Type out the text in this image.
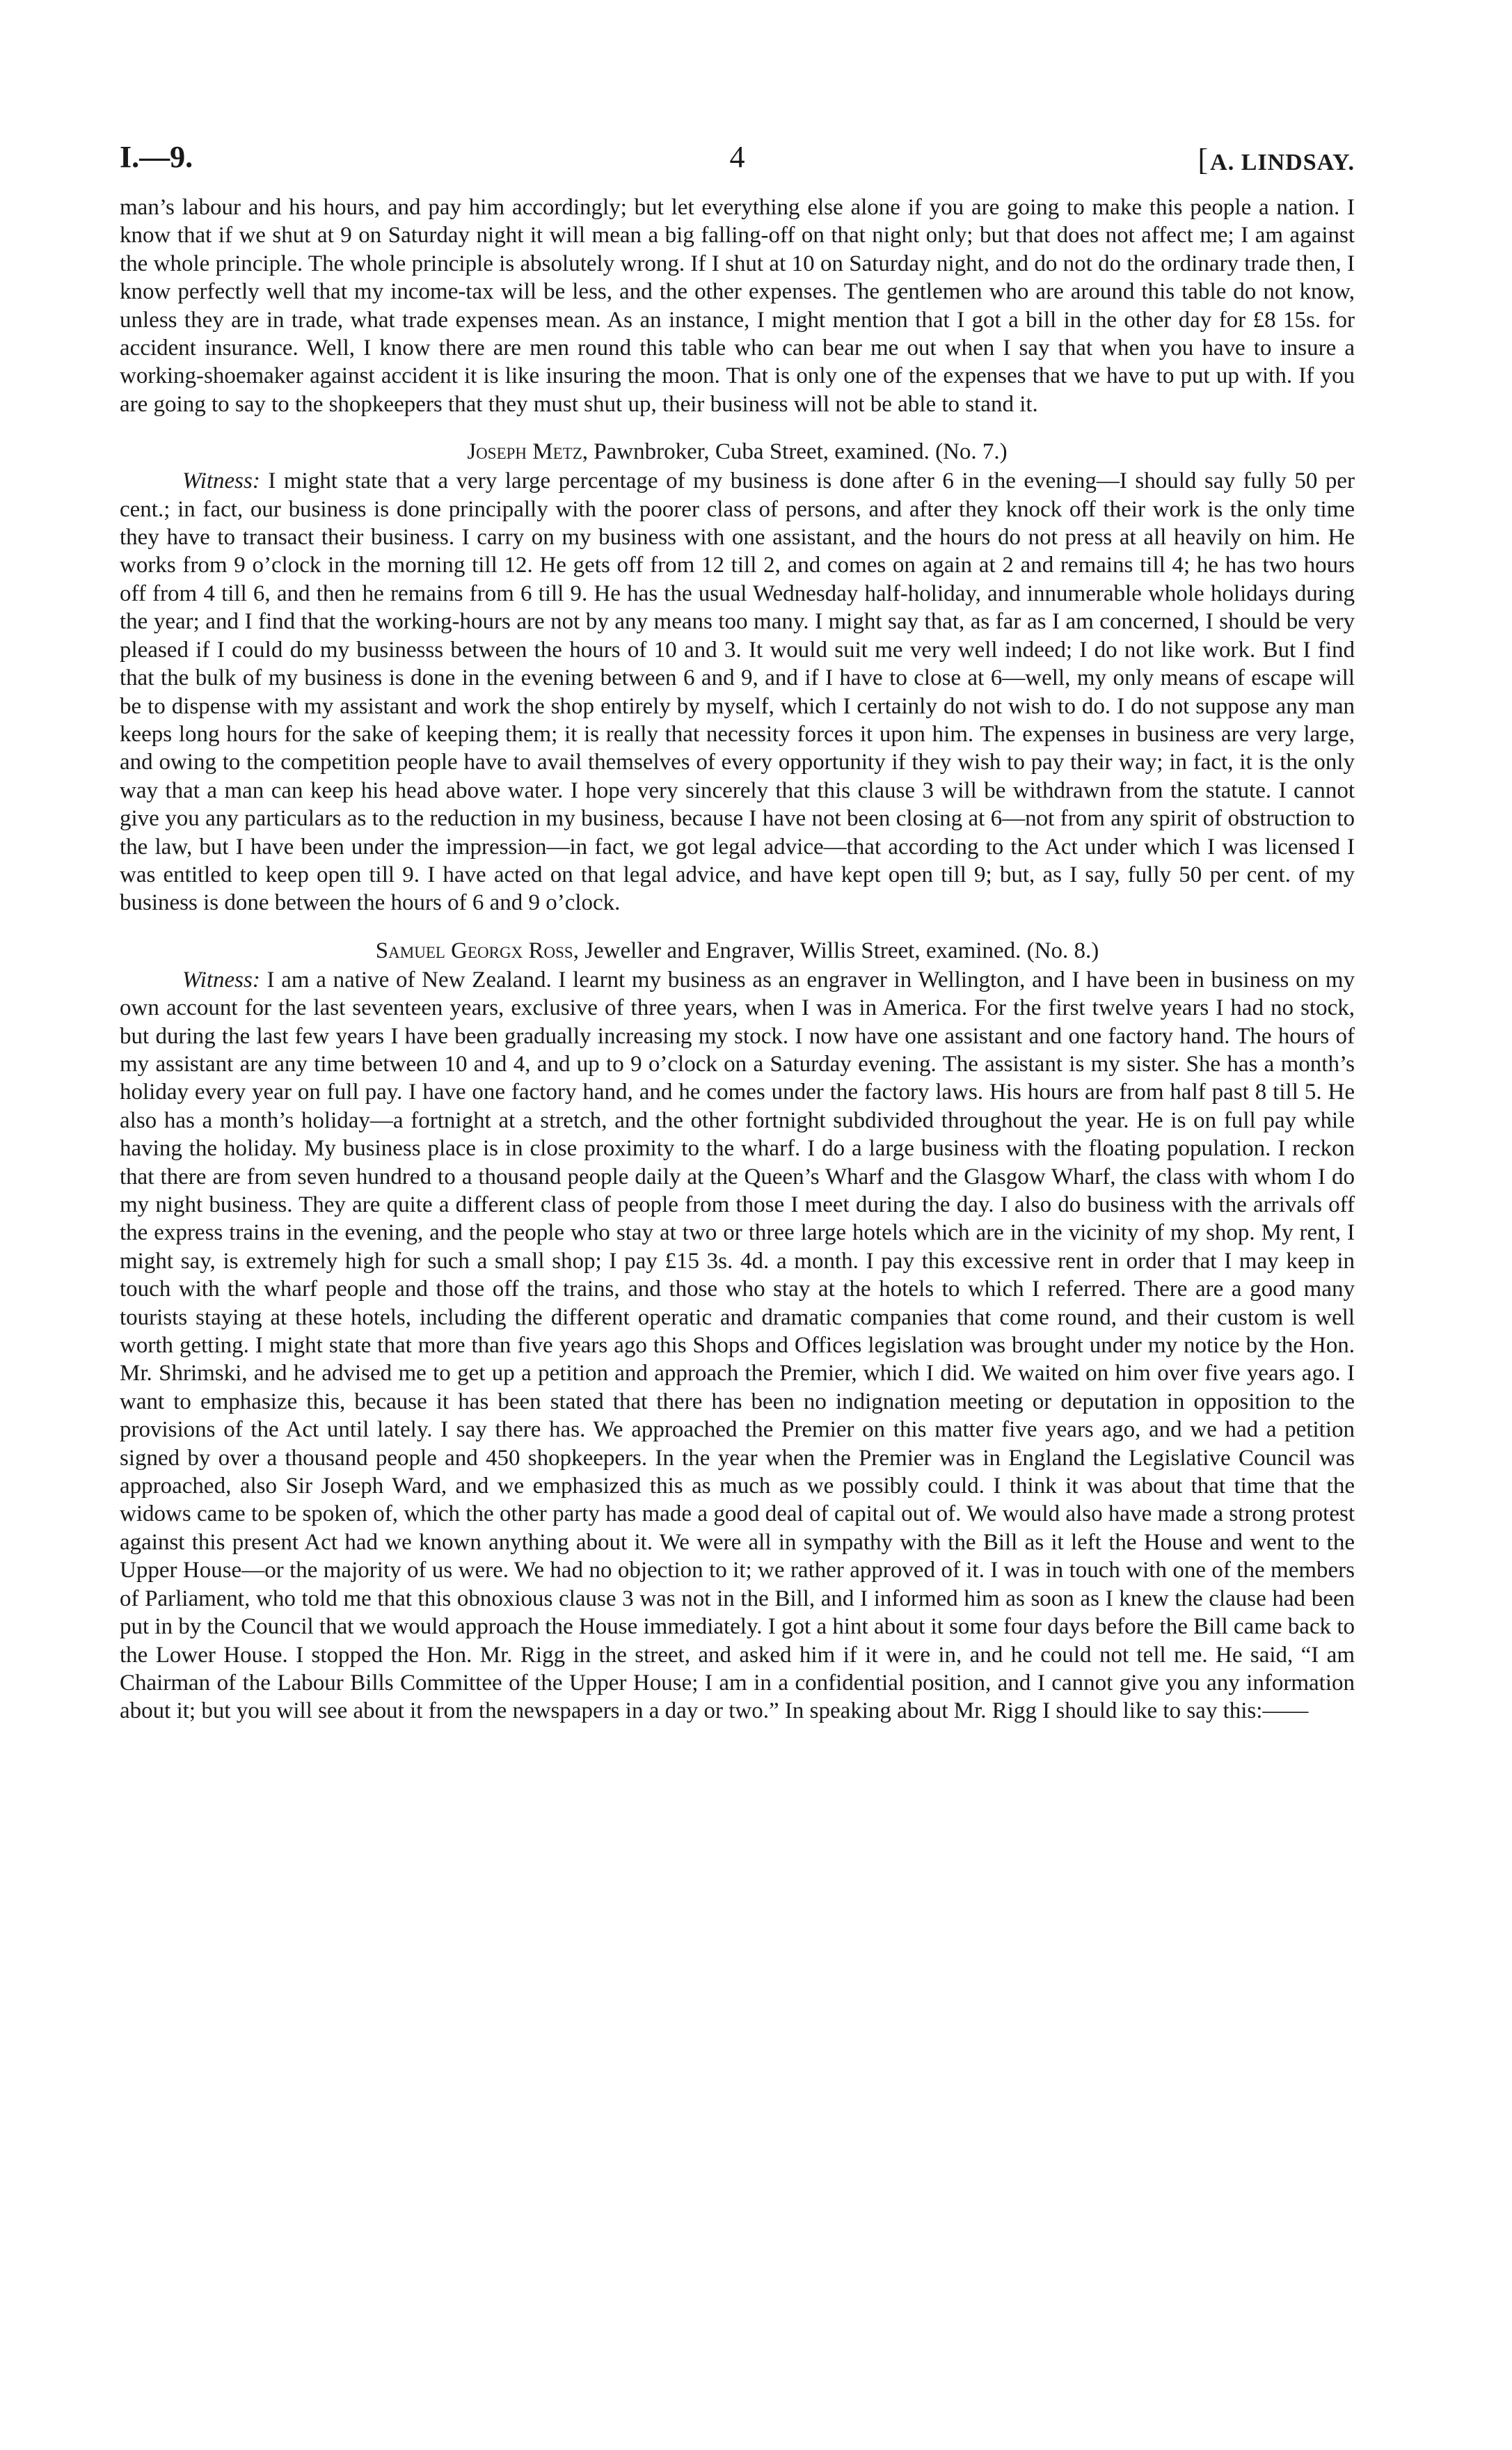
I.—9.	4	[A. LINDSAY.

man’s labour and his hours, and pay him accordingly; but let everything else alone if you are going to make this people a nation. I know that if we shut at 9 on Saturday night it will mean a big falling-off on that night only; but that does not affect me; I am against the whole principle. The whole principle is absolutely wrong. If I shut at 10 on Saturday night, and do not do the ordinary trade then, I know perfectly well that my income-tax will be less, and the other expenses. The gentlemen who are around this table do not know, unless they are in trade, what trade expenses mean. As an instance, I might mention that I got a bill in the other day for £8 15s. for accident insurance. Well, I know there are men round this table who can bear me out when I say that when you have to insure a working-shoemaker against accident it is like insuring the moon. That is only one of the expenses that we have to put up with. If you are going to say to the shopkeepers that they must shut up, their business will not be able to stand it.

Joseph Metz, Pawnbroker, Cuba Street, examined. (No. 7.)

Witness: I might state that a very large percentage of my business is done after 6 in the evening—I should say fully 50 per cent.; in fact, our business is done principally with the poorer class of persons, and after they knock off their work is the only time they have to transact their business. I carry on my business with one assistant, and the hours do not press at all heavily on him. He works from 9 o’clock in the morning till 12. He gets off from 12 till 2, and comes on again at 2 and remains till 4; he has two hours off from 4 till 6, and then he remains from 6 till 9. He has the usual Wednesday half-holiday, and innumerable whole holidays during the year; and I find that the working-hours are not by any means too many. I might say that, as far as I am concerned, I should be very pleased if I could do my businesss between the hours of 10 and 3. It would suit me very well indeed; I do not like work. But I find that the bulk of my business is done in the evening between 6 and 9, and if I have to close at 6—well, my only means of escape will be to dispense with my assistant and work the shop entirely by myself, which I certainly do not wish to do. I do not suppose any man keeps long hours for the sake of keeping them; it is really that necessity forces it upon him. The expenses in business are very large, and owing to the competition people have to avail themselves of every opportunity if they wish to pay their way; in fact, it is the only way that a man can keep his head above water. I hope very sincerely that this clause 3 will be withdrawn from the statute. I cannot give you any particulars as to the reduction in my business, because I have not been closing at 6—not from any spirit of obstruction to the law, but I have been under the impression—in fact, we got legal advice—that according to the Act under which I was licensed I was entitled to keep open till 9. I have acted on that legal advice, and have kept open till 9; but, as I say, fully 50 per cent. of my business is done between the hours of 6 and 9 o’clock.

Samuel Georgx Ross, Jeweller and Engraver, Willis Street, examined. (No. 8.)

Witness: I am a native of New Zealand. I learnt my business as an engraver in Wellington, and I have been in business on my own account for the last seventeen years, exclusive of three years, when I was in America. For the first twelve years I had no stock, but during the last few years I have been gradually increasing my stock. I now have one assistant and one factory hand. The hours of my assistant are any time between 10 and 4, and up to 9 o’clock on a Saturday evening. The assistant is my sister. She has a month’s holiday every year on full pay. I have one factory hand, and he comes under the factory laws. His hours are from half past 8 till 5. He also has a month’s holiday—a fortnight at a stretch, and the other fortnight subdivided throughout the year. He is on full pay while having the holiday. My business place is in close proximity to the wharf. I do a large business with the floating population. I reckon that there are from seven hundred to a thousand people daily at the Queen’s Wharf and the Glasgow Wharf, the class with whom I do my night business. They are quite a different class of people from those I meet during the day. I also do business with the arrivals off the express trains in the evening, and the people who stay at two or three large hotels which are in the vicinity of my shop. My rent, I might say, is extremely high for such a small shop; I pay £15 3s. 4d. a month. I pay this excessive rent in order that I may keep in touch with the wharf people and those off the trains, and those who stay at the hotels to which I referred. There are a good many tourists staying at these hotels, including the different operatic and dramatic companies that come round, and their custom is well worth getting. I might state that more than five years ago this Shops and Offices legislation was brought under my notice by the Hon. Mr. Shrimski, and he advised me to get up a petition and approach the Premier, which I did. We waited on him over five years ago. I want to emphasize this, because it has been stated that there has been no indignation meeting or deputation in opposition to the provisions of the Act until lately. I say there has. We approached the Premier on this matter five years ago, and we had a petition signed by over a thousand people and 450 shopkeepers. In the year when the Premier was in England the Legislative Council was approached, also Sir Joseph Ward, and we emphasized this as much as we possibly could. I think it was about that time that the widows came to be spoken of, which the other party has made a good deal of capital out of. We would also have made a strong protest against this present Act had we known anything about it. We were all in sympathy with the Bill as it left the House and went to the Upper House—or the majority of us were. We had no objection to it; we rather approved of it. I was in touch with one of the members of Parliament, who told me that this obnoxious clause 3 was not in the Bill, and I informed him as soon as I knew the clause had been put in by the Council that we would approach the House immediately. I got a hint about it some four days before the Bill came back to the Lower House. I stopped the Hon. Mr. Rigg in the street, and asked him if it were in, and he could not tell me. He said, “I am Chairman of the Labour Bills Committee of the Upper House; I am in a confidential position, and I cannot give you any information about it; but you will see about it from the newspapers in a day or two.” In speaking about Mr. Rigg I should like to say this:——
